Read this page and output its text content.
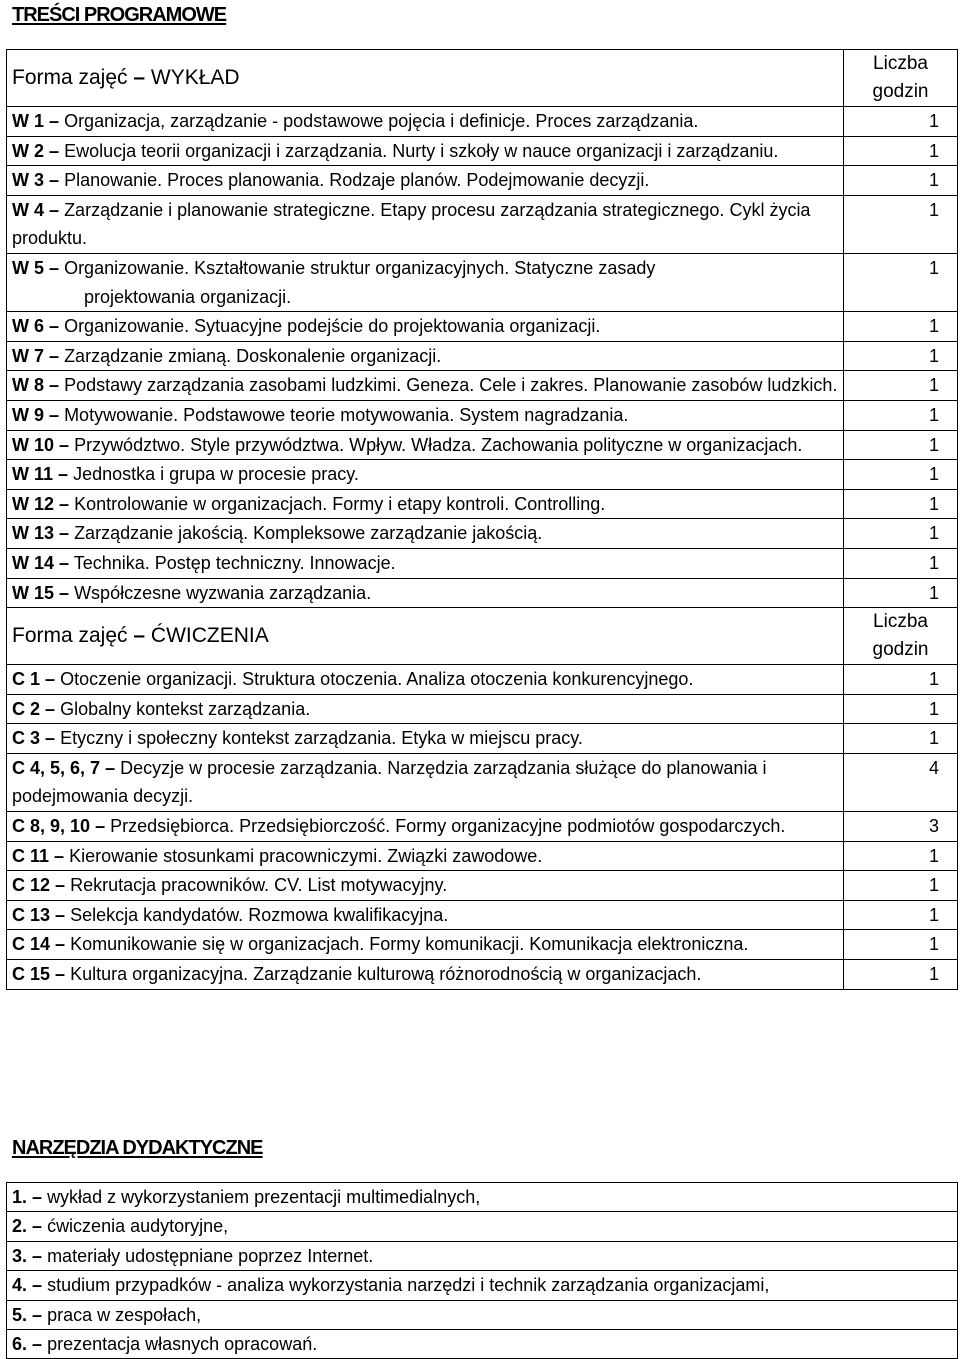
TREŚCI PROGRAMOWE
Forma zajęć – WYKŁAD	Liczba
godzin

W 1 – Organizacja, zarządzanie - podstawowe pojęcia i definicje. Proces zarządzania.	1
W 2 – Ewolucja teorii organizacji i zarządzania. Nurty i szkoły w nauce organizacji i zarządzaniu.	1
W 3 – Planowanie. Proces planowania. Rodzaje planów. Podejmowanie decyzji.	1
W 4 – Zarządzanie i planowanie strategiczne. Etapy procesu zarządzania strategicznego. Cykl życia produktu.	1
W 5 – Organizowanie. Kształtowanie struktur organizacyjnych. Statyczne zasady
projektowania organizacji.	1
W 6 – Organizowanie. Sytuacyjne podejście do projektowania organizacji.	1
W 7 – Zarządzanie zmianą. Doskonalenie organizacji.	1
W 8 – Podstawy zarządzania zasobami ludzkimi. Geneza. Cele i zakres. Planowanie zasobów ludzkich.	1
W 9 – Motywowanie. Podstawowe teorie motywowania. System nagradzania.	1
W 10 – Przywództwo. Style przywództwa. Wpływ. Władza. Zachowania polityczne w organizacjach.	1
W 11 – Jednostka i grupa w procesie pracy.	1
W 12 – Kontrolowanie w organizacjach. Formy i etapy kontroli. Controlling.	1
W 13 – Zarządzanie jakością. Kompleksowe zarządzanie jakością.	1
W 14 – Technika. Postęp techniczny. Innowacje.	1
W 15 – Współczesne wyzwania zarządzania.	1
Forma zajęć – ĆWICZENIA	Liczba
godzin

C 1 – Otoczenie organizacji. Struktura otoczenia. Analiza otoczenia konkurencyjnego.	1
C 2 – Globalny kontekst zarządzania.	1
C 3 – Etyczny i społeczny kontekst zarządzania. Etyka w miejscu pracy.	1
C 4, 5, 6, 7 – Decyzje w procesie zarządzania. Narzędzia zarządzania służące do planowania i podejmowania decyzji.	4
C 8, 9, 10 – Przedsiębiorca. Przedsiębiorczość. Formy organizacyjne podmiotów gospodarczych.	3
C 11 – Kierowanie stosunkami pracowniczymi. Związki zawodowe.	1
C 12 – Rekrutacja pracowników. CV. List motywacyjny.	1
C 13 – Selekcja kandydatów. Rozmowa kwalifikacyjna.	1
C 14 – Komunikowanie się w organizacjach. Formy komunikacji. Komunikacja elektroniczna.	1
C 15 – Kultura organizacyjna. Zarządzanie kulturową różnorodnością w organizacjach.	1
NARZĘDZIA DYDAKTYCZNE
1. – wykład z wykorzystaniem prezentacji multimedialnych,
2. – ćwiczenia audytoryjne,
3. – materiały udostępniane poprzez Internet.
4. – studium przypadków - analiza wykorzystania narzędzi i technik zarządzania organizacjami,
5. – praca w zespołach,
6. – prezentacja własnych opracowań.
